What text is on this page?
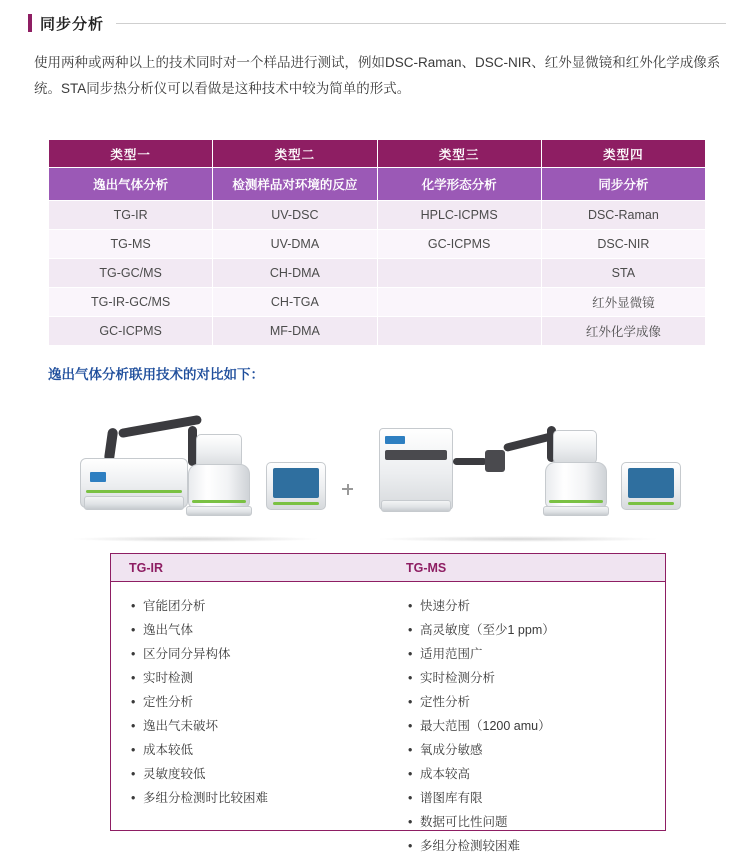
同步分析
使用两种或两种以上的技术同时对一个样品进行测试，例如DSC-Raman、DSC-NIR、红外显微镜和红外化学成像系统。STA同步热分析仪可以看做是这种技术中较为简单的形式。
类型一	类型二	类型三	类型四
逸出气体分析	检测样品对环境的反应	化学形态分析	同步分析
TG-IR	UV-DSC	HPLC-ICPMS	DSC-Raman
TG-MS	UV-DMA	GC-ICPMS	DSC-NIR
TG-GC/MS	CH-DMA		STA
TG-IR-GC/MS	CH-TGA		红外显微镜
GC-ICPMS	MF-DMA		红外化学成像
逸出气体分析联用技术的对比如下：
TG-IR	TG-MS
• 官能团分析
• 逸出气体
• 区分同分异构体
• 实时检测
• 定性分析
• 逸出气未破坏
• 成本较低
• 灵敏度较低
• 多组分检测时比较困难
• 快速分析
• 高灵敏度（至少1 ppm）
• 适用范围广
• 实时检测分析
• 定性分析
• 最大范围（1200 amu）
• 氧成分敏感
• 成本较高
• 谱图库有限
• 数据可比性问题
• 多组分检测较困难
